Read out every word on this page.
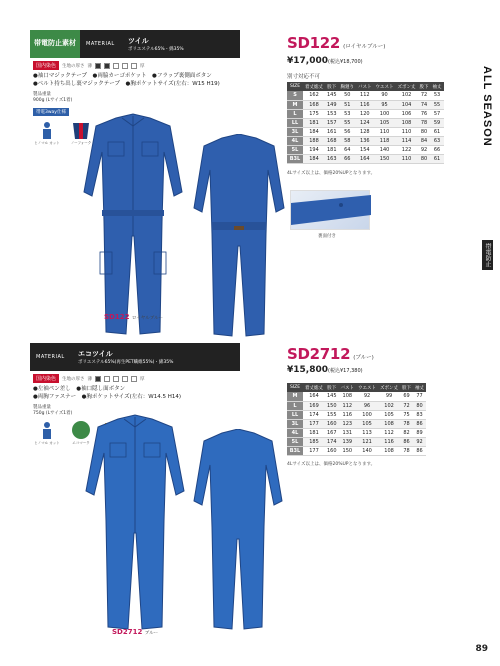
ALL SEASON
帯電防止
89
帯電防止素材	MATERIAL	ツイル
ポリエステル65%・綿35%
国内染色	生地の厚さ 薄	厚
●袖口マジックテープ　●両脇カーゴポケット　●フラップ裏側面ボタン
●ベルト持ち出し裏マジックテープ　●胸ポケットサイズ(左右：W15 H19)
製品重量
900g (Lサイズ1着)
帯電3way仕様
ヒノマル カット	ノーフォーク
SD122 (ロイヤルブルー)
¥17,000(税込¥18,700)
別寸対応不可
SIZE	着丈総丈	股下	胸廻り	バスト	ウエスト	ズボン丈	股下	袖丈
S	162	145	50	112	90	102	72	53
M	168	149	51	116	95	104	74	55
L	175	153	53	120	100	106	76	57
LL	181	157	55	124	105	108	78	59
3L	184	161	56	128	110	110	80	61
4L	188	168	58	136	118	114	84	63
5L	194	181	64	154	140	122	92	66
B3L	184	163	66	164	150	110	80	61
4Lサイズ以上は、価格20%UPとなります。
裏面付き
SD122 ロイヤルブルー
MATERIAL	エコツイル
ポリエステル65%(再生PET繊維55%)・綿35%
国内染色	生地の厚さ 薄	厚
●左袖ペン差し　●袖口隠し面ボタン
●両胸ファスナー　●胸ポケットサイズ(左右：W14.5 H14)
製品重量
750g (Lサイズ1着)
ヒノマル カット	エコマーク
SD2712 (ブルー)
¥15,800(税込¥17,380)
SIZE	着丈総丈	股下	バスト	ウエスト	ズボン丈	股下	袖丈
M	164	145	108	92	99	69	77
L	169	150	112	96	102	72	80
LL	174	155	116	100	105	75	83
3L	177	160	123	105	108	78	86
4L	181	167	131	113	112	82	89
5L	185	174	139	121	116	86	92
B3L	177	160	150	140	108	78	86
4Lサイズ以上は、価格20%UPとなります。
SD2712 ブルー
